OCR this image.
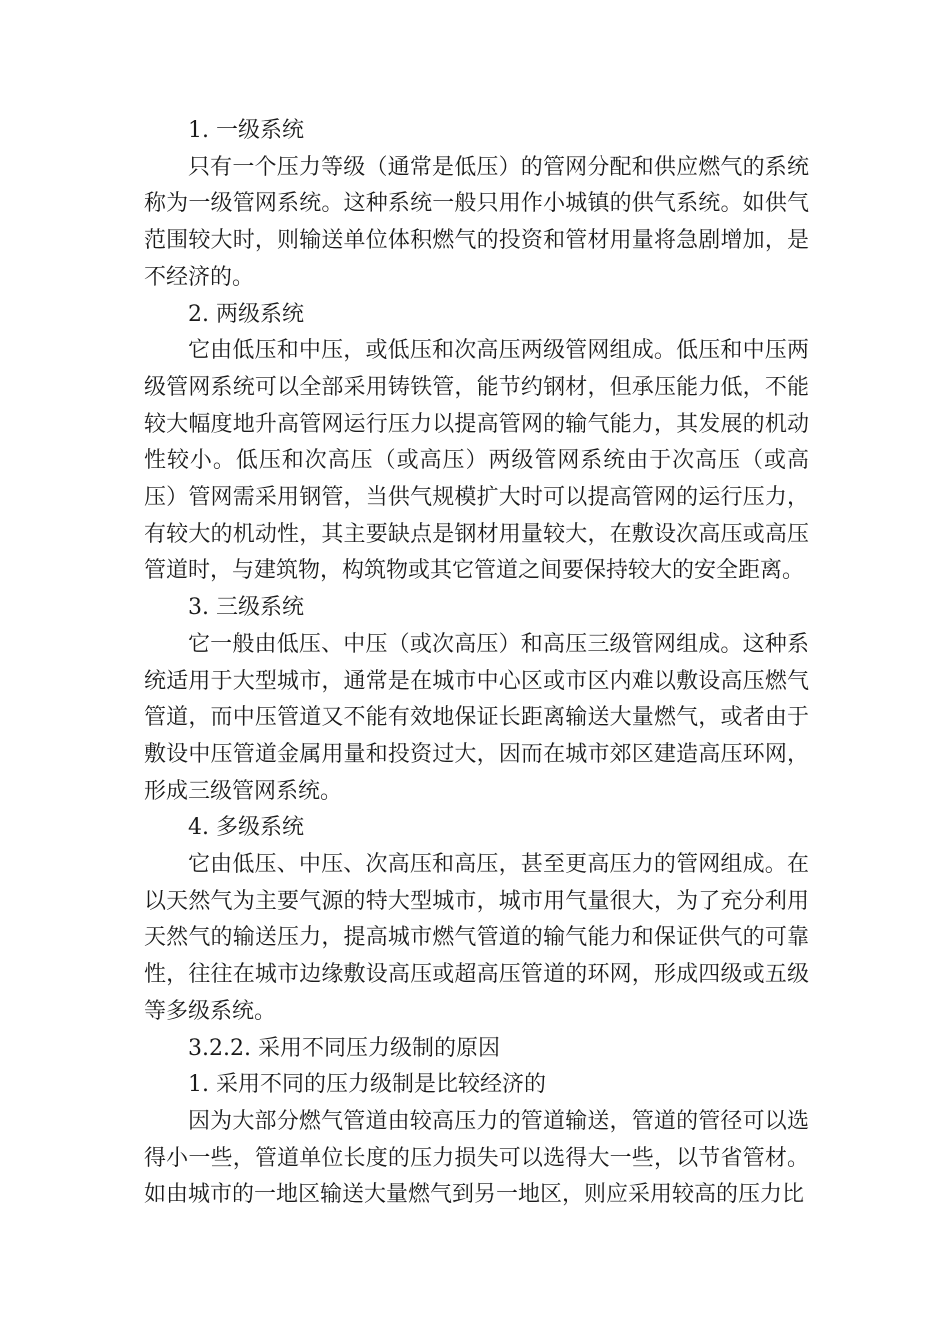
1. 一级系统

只有一个压力等级（通常是低压）的管网分配和供应燃气的系统称为一级管网系统。这种系统一般只用作小城镇的供气系统。如供气范围较大时，则输送单位体积燃气的投资和管材用量将急剧增加，是不经济的。

2. 两级系统

它由低压和中压，或低压和次高压两级管网组成。低压和中压两级管网系统可以全部采用铸铁管，能节约钢材，但承压能力低，不能较大幅度地升高管网运行压力以提高管网的输气能力，其发展的机动性较小。低压和次高压（或高压）两级管网系统由于次高压（或高压）管网需采用钢管，当供气规模扩大时可以提高管网的运行压力，有较大的机动性，其主要缺点是钢材用量较大，在敷设次高压或高压管道时，与建筑物，构筑物或其它管道之间要保持较大的安全距离。

3. 三级系统

它一般由低压、中压（或次高压）和高压三级管网组成。这种系统适用于大型城市，通常是在城市中心区或市区内难以敷设高压燃气管道，而中压管道又不能有效地保证长距离输送大量燃气，或者由于敷设中压管道金属用量和投资过大，因而在城市郊区建造高压环网，形成三级管网系统。

4. 多级系统

它由低压、中压、次高压和高压，甚至更高压力的管网组成。在以天然气为主要气源的特大型城市，城市用气量很大，为了充分利用天然气的输送压力，提高城市燃气管道的输气能力和保证供气的可靠性，往往在城市边缘敷设高压或超高压管道的环网，形成四级或五级等多级系统。

3.2.2. 采用不同压力级制的原因

1. 采用不同的压力级制是比较经济的

因为大部分燃气管道由较高压力的管道输送，管道的管径可以选得小一些，管道单位长度的压力损失可以选得大一些，以节省管材。如由城市的一地区输送大量燃气到另一地区，则应采用较高的压力比
